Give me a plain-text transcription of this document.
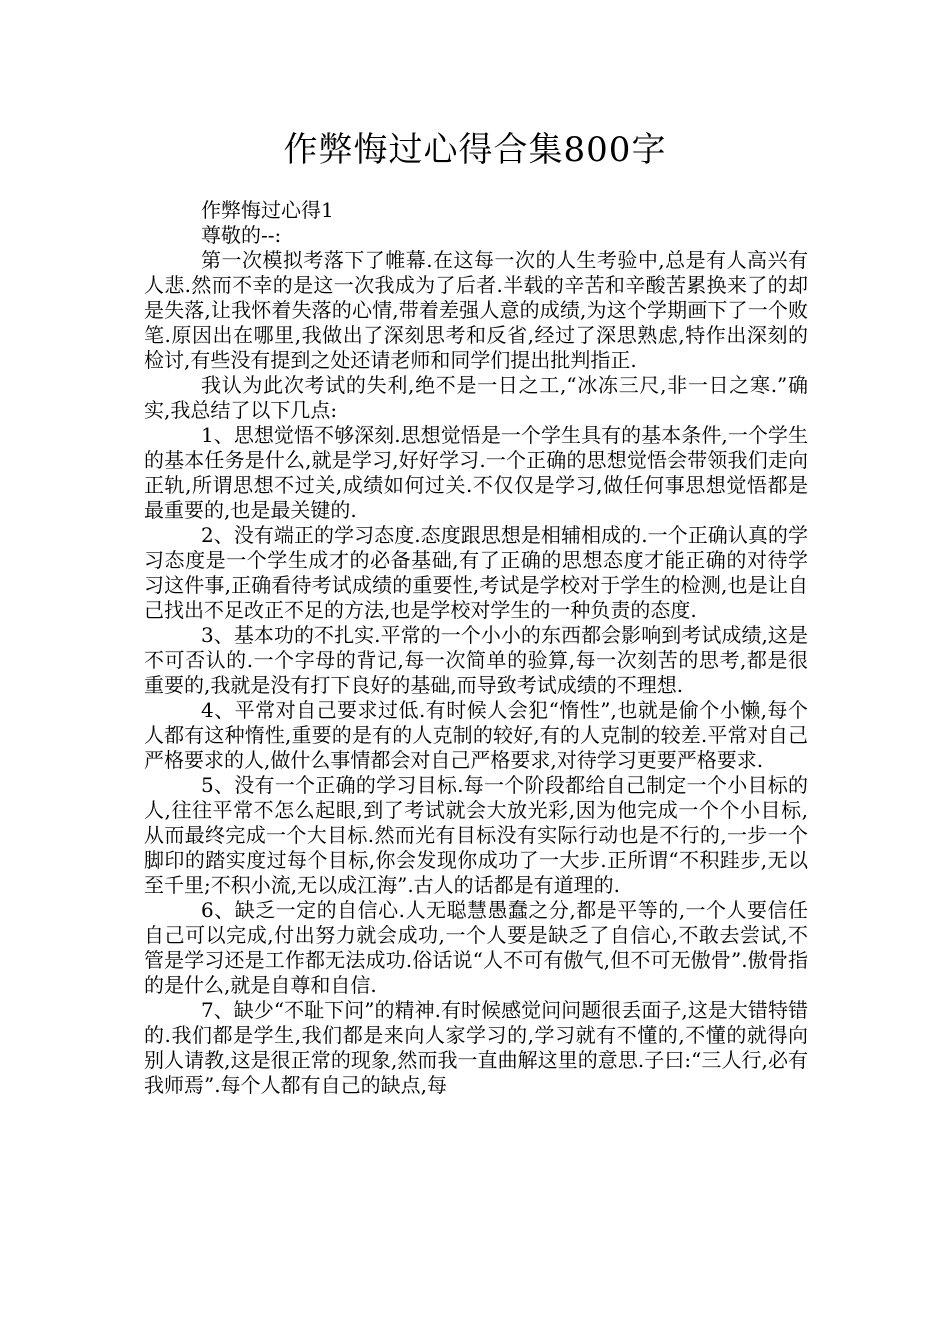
作弊悔过心得合集800字

作弊悔过心得1

尊敬的--:

第一次模拟考落下了帷幕.在这每一次的人生考验中,总是有人高兴有人悲.然而不幸的是这一次我成为了后者.半载的辛苦和辛酸苦累换来了的却是失落,让我怀着失落的心情,带着差强人意的成绩,为这个学期画下了一个败笔.原因出在哪里,我做出了深刻思考和反省,经过了深思熟虑,特作出深刻的检讨,有些没有提到之处还请老师和同学们提出批判指正.

我认为此次考试的失利,绝不是一日之工,“冰冻三尺,非一日之寒.”确实,我总结了以下几点:

1、思想觉悟不够深刻.思想觉悟是一个学生具有的基本条件,一个学生的基本任务是什么,就是学习,好好学习.一个正确的思想觉悟会带领我们走向正轨,所谓思想不过关,成绩如何过关.不仅仅是学习,做任何事思想觉悟都是最重要的,也是最关键的.

2、没有端正的学习态度.态度跟思想是相辅相成的.一个正确认真的学习态度是一个学生成才的必备基础,有了正确的思想态度才能正确的对待学习这件事,正确看待考试成绩的重要性,考试是学校对于学生的检测,也是让自己找出不足改正不足的方法,也是学校对学生的一种负责的态度.

3、基本功的不扎实.平常的一个小小的东西都会影响到考试成绩,这是不可否认的.一个字母的背记,每一次简单的验算,每一次刻苦的思考,都是很重要的,我就是没有打下良好的基础,而导致考试成绩的不理想.

4、平常对自己要求过低.有时候人会犯“惰性”,也就是偷个小懒,每个人都有这种惰性,重要的是有的人克制的较好,有的人克制的较差.平常对自己严格要求的人,做什么事情都会对自己严格要求,对待学习更要严格要求.

5、没有一个正确的学习目标.每一个阶段都给自己制定一个小目标的人,往往平常不怎么起眼,到了考试就会大放光彩,因为他完成一个个小目标,从而最终完成一个大目标.然而光有目标没有实际行动也是不行的,一步一个脚印的踏实度过每个目标,你会发现你成功了一大步.正所谓“不积跬步,无以至千里;不积小流,无以成江海”.古人的话都是有道理的.

6、缺乏一定的自信心.人无聪慧愚蠢之分,都是平等的,一个人要信任自己可以完成,付出努力就会成功,一个人要是缺乏了自信心,不敢去尝试,不管是学习还是工作都无法成功.俗话说“人不可有傲气,但不可无傲骨”.傲骨指的是什么,就是自尊和自信.

7、缺少“不耻下问”的精神.有时候感觉问问题很丢面子,这是大错特错的.我们都是学生,我们都是来向人家学习的,学习就有不懂的,不懂的就得向别人请教,这是很正常的现象,然而我一直曲解这里的意思.子曰:“三人行,必有我师焉”.每个人都有自己的缺点,每
